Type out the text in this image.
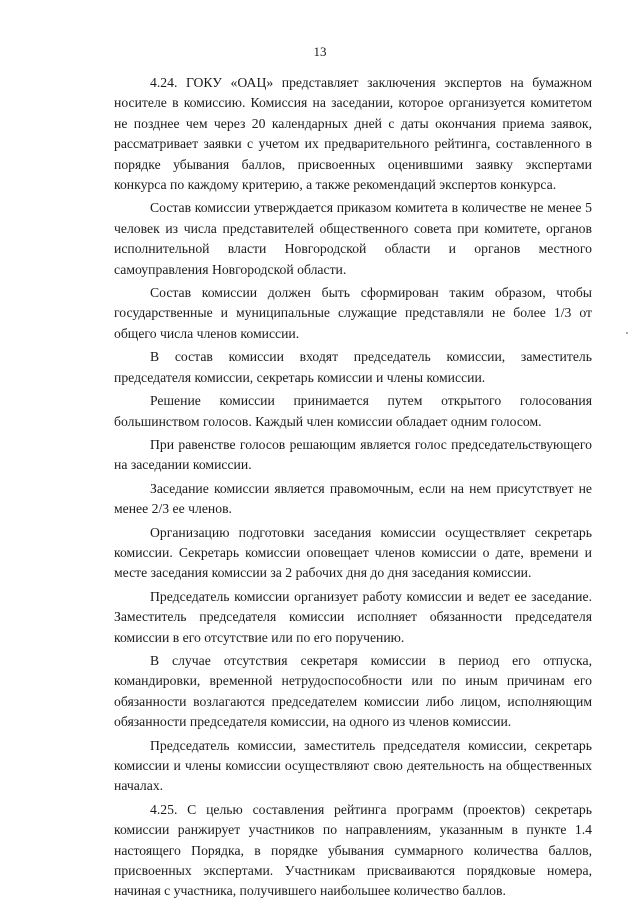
13

4.24. ГОКУ «ОАЦ» представляет заключения экспертов на бумажном носителе в комиссию. Комиссия на заседании, которое организуется комитетом не позднее чем через 20 календарных дней с даты окончания приема заявок, рассматривает заявки с учетом их предварительного рейтинга, составленного в порядке убывания баллов, присвоенных оценившими заявку экспертами конкурса по каждому критерию, а также рекомендаций экспертов конкурса.

Состав комиссии утверждается приказом комитета в количестве не менее 5 человек из числа представителей общественного совета при комитете, органов исполнительной власти Новгородской области и органов местного самоуправления Новгородской области.

Состав комиссии должен быть сформирован таким образом, чтобы государственные и муниципальные служащие представляли не более 1/3 от общего числа членов комиссии.

В состав комиссии входят председатель комиссии, заместитель председателя комиссии, секретарь комиссии и члены комиссии.

Решение комиссии принимается путем открытого голосования большинством голосов. Каждый член комиссии обладает одним голосом.

При равенстве голосов решающим является голос председательствующего на заседании комиссии.

Заседание комиссии является правомочным, если на нем присутствует не менее 2/3 ее членов.

Организацию подготовки заседания комиссии осуществляет секретарь комиссии. Секретарь комиссии оповещает членов комиссии о дате, времени и месте заседания комиссии за 2 рабочих дня до дня заседания комиссии.

Председатель комиссии организует работу комиссии и ведет ее заседание. Заместитель председателя комиссии исполняет обязанности председателя комиссии в его отсутствие или по его поручению.

В случае отсутствия секретаря комиссии в период его отпуска, командировки, временной нетрудоспособности или по иным причинам его обязанности возлагаются председателем комиссии либо лицом, исполняющим обязанности председателя комиссии, на одного из членов комиссии.

Председатель комиссии, заместитель председателя комиссии, секретарь комиссии и члены комиссии осуществляют свою деятельность на общественных началах.

4.25. С целью составления рейтинга программ (проектов) секретарь комиссии ранжирует участников по направлениям, указанным в пункте 1.4 настоящего Порядка, в порядке убывания суммарного количества баллов, присвоенных экспертами. Участникам присваиваются порядковые номера, начиная с участника, получившего наибольшее количество баллов.
